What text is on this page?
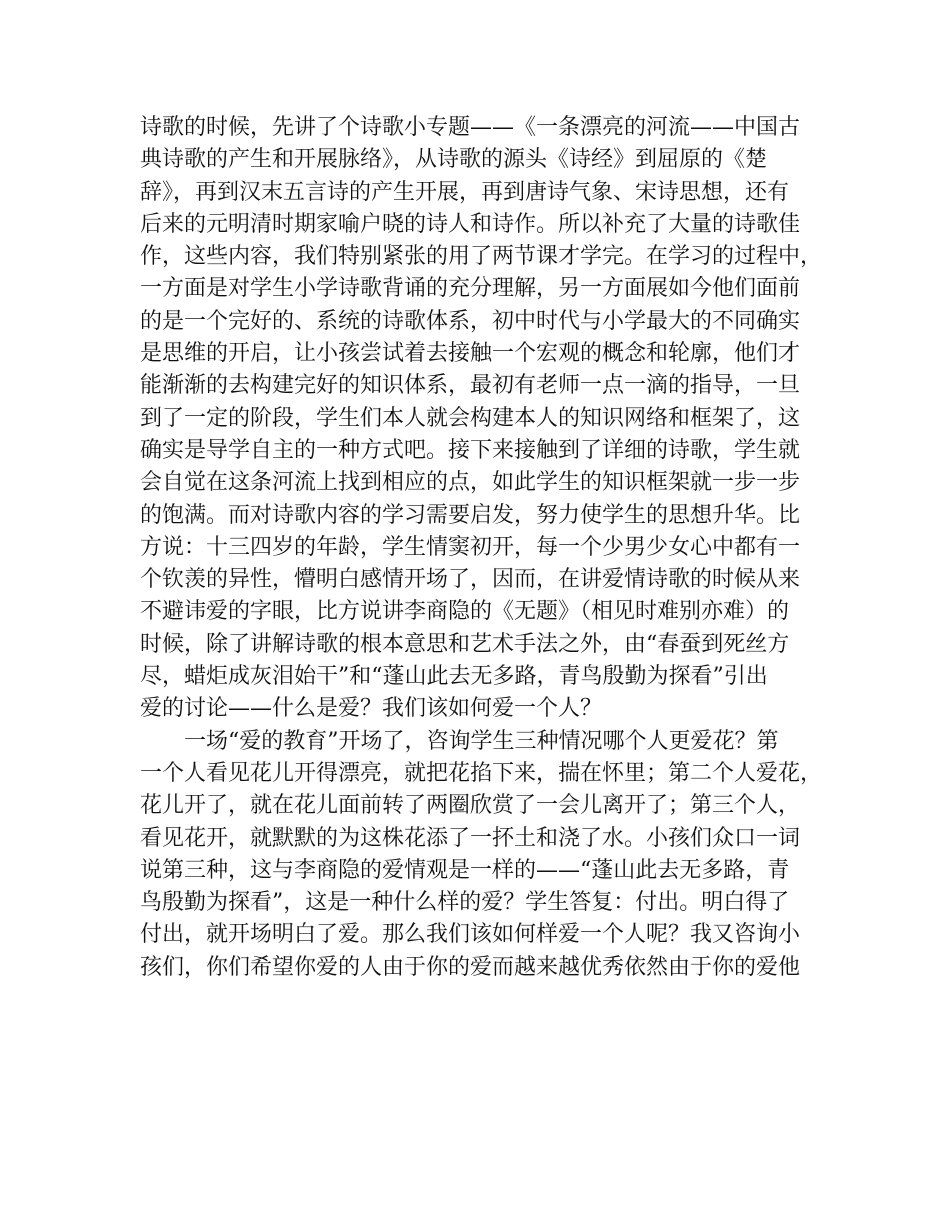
诗歌的时候，先讲了个诗歌小专题——《一条漂亮的河流——中国古
典诗歌的产生和开展脉络》，从诗歌的源头《诗经》到屈原的《楚
辞》，再到汉末五言诗的产生开展，再到唐诗气象、宋诗思想，还有
后来的元明清时期家喻户晓的诗人和诗作。所以补充了大量的诗歌佳
作，这些内容，我们特别紧张的用了两节课才学完。在学习的过程中，
一方面是对学生小学诗歌背诵的充分理解，另一方面展如今他们面前
的是一个完好的、系统的诗歌体系，初中时代与小学最大的不同确实
是思维的开启，让小孩尝试着去接触一个宏观的概念和轮廓，他们才
能渐渐的去构建完好的知识体系，最初有老师一点一滴的指导，一旦
到了一定的阶段，学生们本人就会构建本人的知识网络和框架了，这
确实是导学自主的一种方式吧。接下来接触到了详细的诗歌，学生就
会自觉在这条河流上找到相应的点，如此学生的知识框架就一步一步
的饱满。而对诗歌内容的学习需要启发，努力使学生的思想升华。比
方说：十三四岁的年龄，学生情窦初开，每一个少男少女心中都有一
个钦羡的异性，懵明白感情开场了，因而，在讲爱情诗歌的时候从来
不避讳爱的字眼，比方说讲李商隐的《无题》（相见时难别亦难）的
时候，除了讲解诗歌的根本意思和艺术手法之外，由“春蚕到死丝方
尽，蜡炬成灰泪始干”和“蓬山此去无多路，青鸟殷勤为探看”引出
爱的讨论——什么是爱？我们该如何爱一个人？
一场“爱的教育”开场了，咨询学生三种情况哪个人更爱花？第
一个人看见花儿开得漂亮，就把花掐下来，揣在怀里；第二个人爱花，
花儿开了，就在花儿面前转了两圈欣赏了一会儿离开了；第三个人，
看见花开，就默默的为这株花添了一抔土和浇了水。小孩们众口一词
说第三种，这与李商隐的爱情观是一样的——“蓬山此去无多路，青
鸟殷勤为探看”，这是一种什么样的爱？学生答复：付出。明白得了
付出，就开场明白了爱。那么我们该如何样爱一个人呢？我又咨询小
孩们，你们希望你爱的人由于你的爱而越来越优秀依然由于你的爱他
